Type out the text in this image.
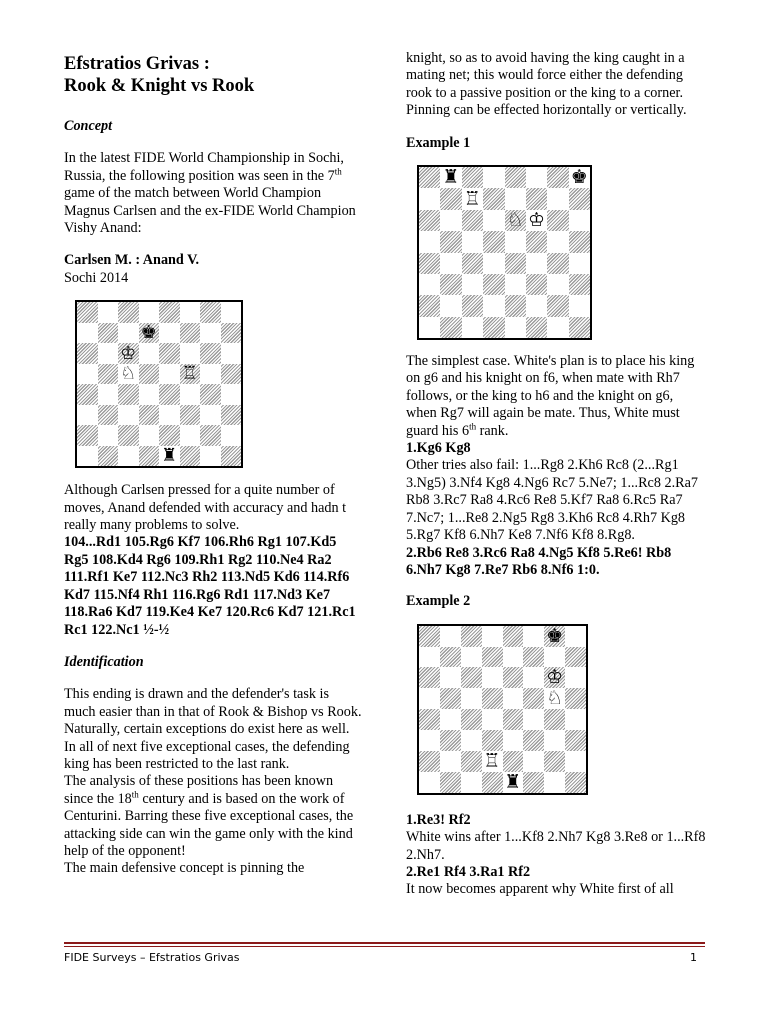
Efstratios Grivas :

Rook & Knight vs Rook

Concept

In the latest FIDE World Championship in Sochi, Russia, the following position was seen in the 7th game of the match between World Champion Magnus Carlsen and the ex-FIDE World Champion Vishy Anand:

Carlsen M. : Anand V.

Sochi 2014

♚
♔
♘	♖
♜

Although Carlsen pressed for a quite number of moves, Anand defended with accuracy and hadn t really many problems to solve.

104...Rd1 105.Rg6 Kf7 106.Rh6 Rg1 107.Kd5 Rg5 108.Kd4 Rg6 109.Rh1 Rg2 110.Ne4 Ra2 111.Rf1 Ke7 112.Nc3 Rh2 113.Nd5 Kd6 114.Rf6 Kd7 115.Nf4 Rh1 116.Rg6 Rd1 117.Nd3 Ke7 118.Ra6 Kd7 119.Ke4 Ke7 120.Rc6 Kd7 121.Rc1 Rc1 122.Nc1 ½-½

Identification

This ending is drawn and the defender's task is much easier than in that of Rook & Bishop vs Rook.

Naturally, certain exceptions do exist here as well. In all of next five exceptional cases, the defending king has been restricted to the last rank.

The analysis of these positions has been known since the 18th century and is based on the work of Centurini. Barring these five exceptional cases, the attacking side can win the game only with the kind help of the opponent!

The main defensive concept is pinning the

knight, so as to avoid having the king caught in a mating net; this would force either the defending rook to a passive position or the king to a corner. Pinning can be effected horizontally or vertically.

Example 1

♜	♚
♖
♘ ♔

The simplest case. White's plan is to place his king on g6 and his knight on f6, when mate with Rh7 follows, or the king to h6 and the knight on g6, when Rg7 will again be mate. Thus, White must guard his 6th rank.

1.Kg6 Kg8

Other tries also fail: 1...Rg8 2.Kh6 Rc8 (2...Rg1 3.Ng5) 3.Nf4 Kg8 4.Ng6 Rc7 5.Ne7; 1...Rc8 2.Ra7 Rb8 3.Rc7 Ra8 4.Rc6 Re8 5.Kf7 Ra8 6.Rc5 Ra7 7.Nc7; 1...Re8 2.Ng5 Rg8 3.Kh6 Rc8 4.Rh7 Kg8 5.Rg7 Kf8 6.Nh7 Ke8 7.Nf6 Kf8 8.Rg8.

2.Rb6 Re8 3.Rc6 Ra8 4.Ng5 Kf8 5.Re6! Rb8 6.Nh7 Kg8 7.Re7 Rb6 8.Nf6 1:0.

Example 2

♚
♔
♘
♖
♜

1.Re3! Rf2

White wins after 1...Kf8 2.Nh7 Kg8 3.Re8 or 1...Rf8 2.Nh7.

2.Re1 Rf4 3.Ra1 Rf2

It now becomes apparent why White first of all

FIDE Surveys – Efstratios Grivas	1
